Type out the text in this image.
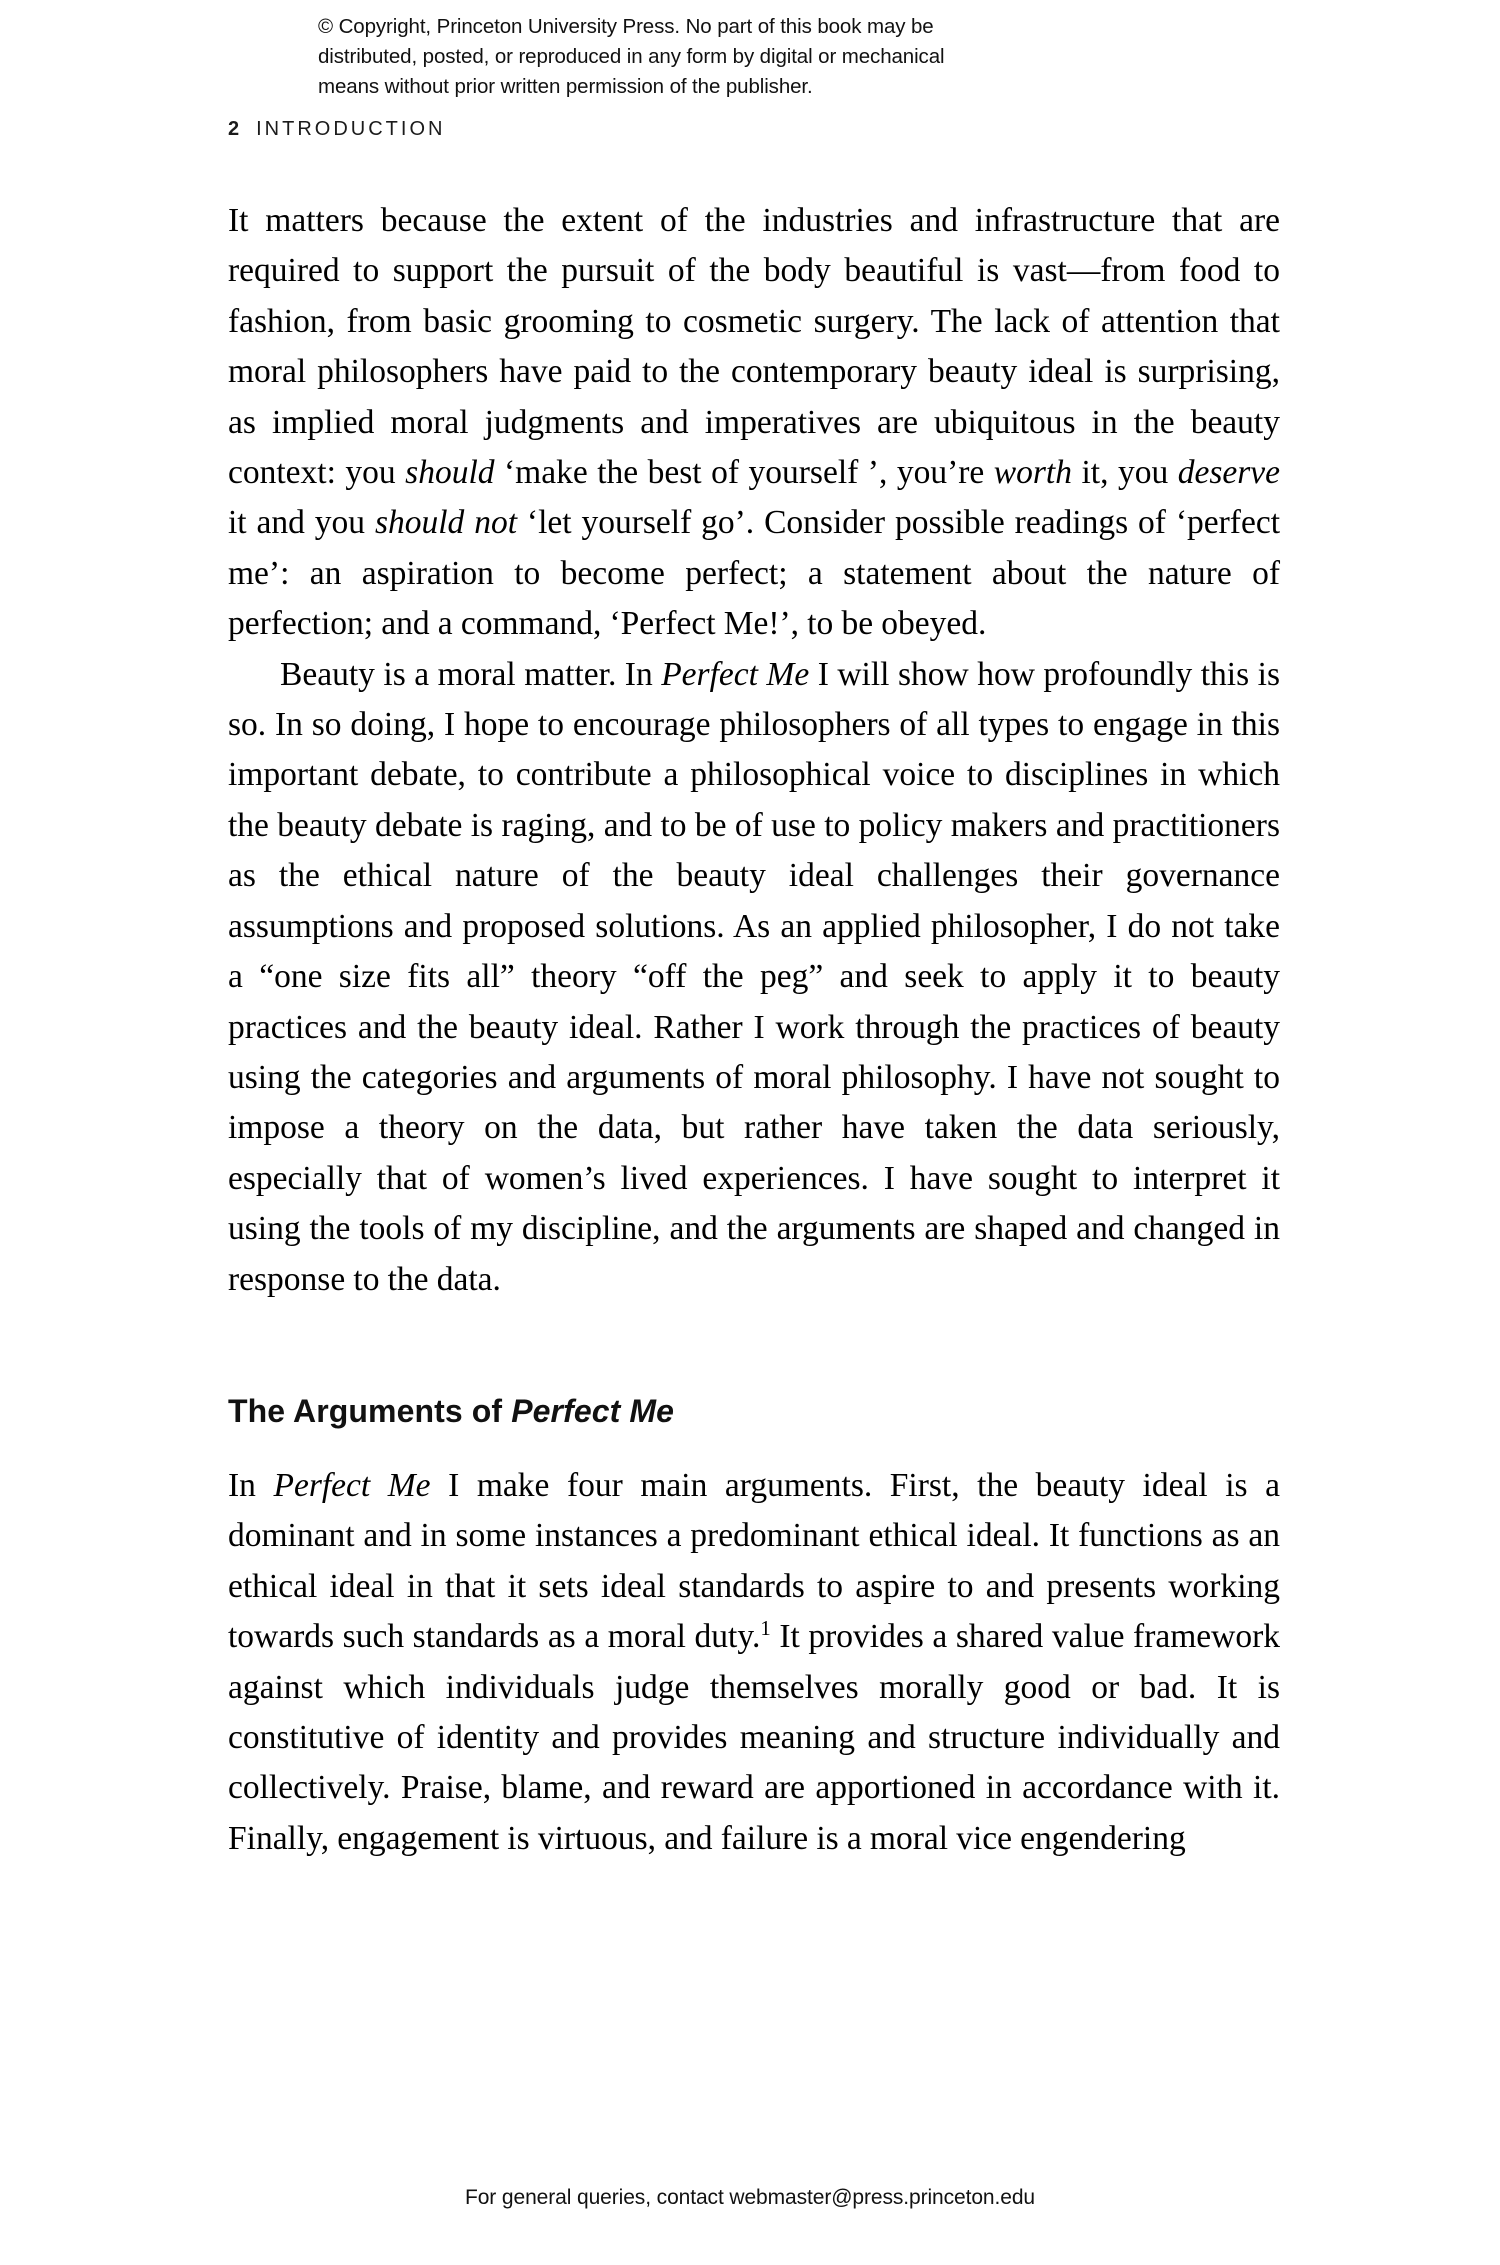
© Copyright, Princeton University Press. No part of this book may be
distributed, posted, or reproduced in any form by digital or mechanical
means without prior written permission of the publisher.
2 INTRODUCTION

It matters because the extent of the industries and infrastructure that are required to support the pursuit of the body beautiful is vast—from food to fashion, from basic grooming to cosmetic surgery. The lack of attention that moral philosophers have paid to the contemporary beauty ideal is surprising, as implied moral judgments and imperatives are ubiquitous in the beauty context: you should ‘make the best of yourself ’, you’re worth it, you deserve it and you should not ‘let yourself go’. Consider possible readings of ‘perfect me’: an aspiration to become perfect; a statement about the nature of perfection; and a command, ‘Perfect Me!’, to be obeyed.

Beauty is a moral matter. In Perfect Me I will show how profoundly this is so. In so doing, I hope to encourage philosophers of all types to engage in this important debate, to contribute a philosophical voice to disciplines in which the beauty debate is raging, and to be of use to policy makers and practitioners as the ethical nature of the beauty ideal challenges their governance assumptions and proposed solutions. As an applied philosopher, I do not take a “one size fits all” theory “off the peg” and seek to apply it to beauty practices and the beauty ideal. Rather I work through the practices of beauty using the categories and arguments of moral philosophy. I have not sought to impose a theory on the data, but rather have taken the data seriously, especially that of women’s lived experiences. I have sought to interpret it using the tools of my discipline, and the arguments are shaped and changed in response to the data.

The Arguments of Perfect Me

In Perfect Me I make four main arguments. First, the beauty ideal is a dominant and in some instances a predominant ethical ideal. It functions as an ethical ideal in that it sets ideal standards to aspire to and presents working towards such standards as a moral duty.$^1$ It provides a shared value framework against which individuals judge themselves morally good or bad. It is constitutive of identity and provides meaning and structure individually and collectively. Praise, blame, and reward are apportioned in accordance with it. Finally, engagement is virtuous, and failure is a moral vice engendering

For general queries, contact webmaster@press.princeton.edu
